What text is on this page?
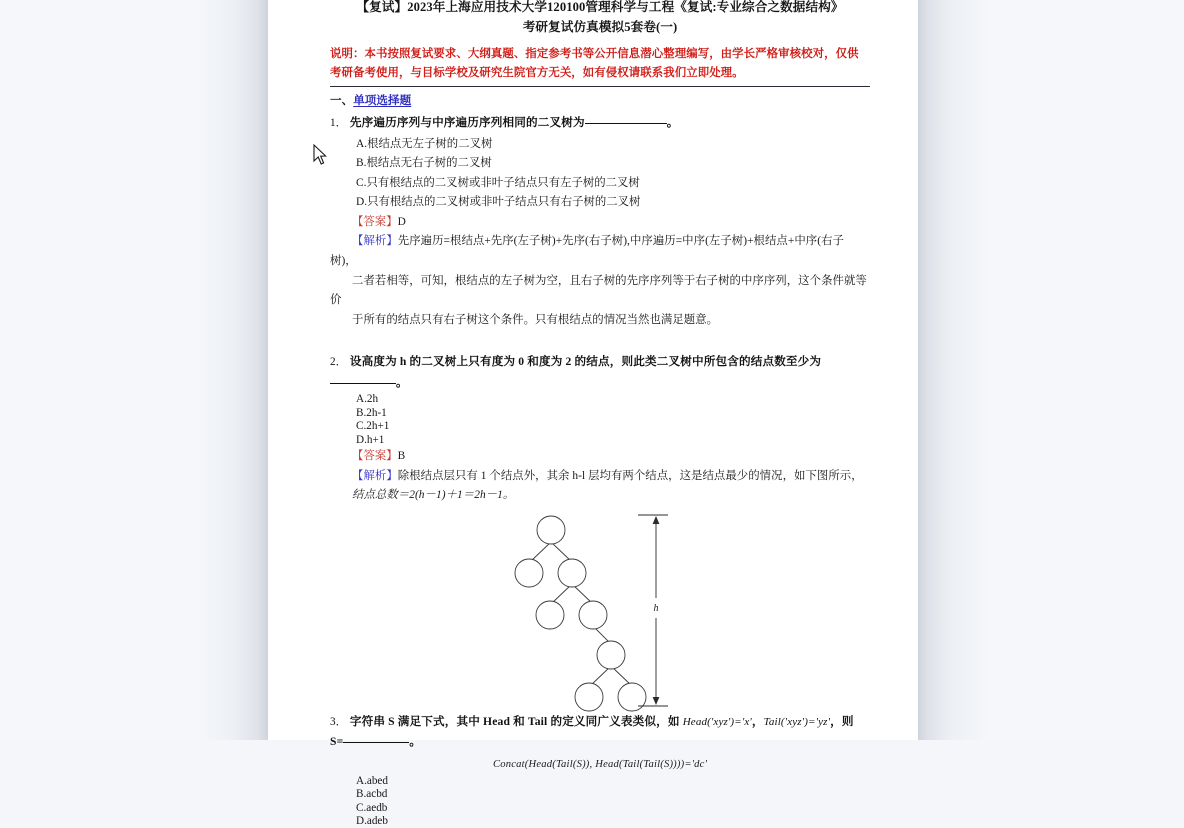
【复试】2023年上海应用技术大学120100管理科学与工程《复试:专业综合之数据结构》
考研复试仿真模拟5套卷(一)
说明：本书按照复试要求、大纲真题、指定参考书等公开信息潜心整理编写，由学长严格审核校对，仅供考研备考使用，与目标学校及研究生院官方无关，如有侵权请联系我们立即处理。
一、单项选择题
1． 先序遍历序列与中序遍历序列相同的二叉树为	。
A.根结点无左子树的二叉树
B.根结点无右子树的二叉树
C.只有根结点的二叉树或非叶子结点只有左子树的二叉树
D.只有根结点的二叉树或非叶子结点只有右子树的二叉树
【答案】D
【解析】先序遍历=根结点+先序(左子树)+先序(右子树),中序遍历=中序(左子树)+根结点+中序(右子树)，
二者若相等，可知，根结点的左子树为空，且右子树的先序序列等于右子树的中序序列，这个条件就等价
于所有的结点只有右子树这个条件。只有根结点的情况当然也满足题意。
2． 设高度为 h 的二叉树上只有度为 0 和度为 2 的结点，则此类二叉树中所包含的结点数至少为
。
A.2h
B.2h-1
C.2h+1
D.h+1
【答案】B
【解析】除根结点层只有 1 个结点外，其余 h-l 层均有两个结点，这是结点最少的情况，如下图所示，
结点总数＝2(h－1)＋1＝2h－1。
h
3． 字符串 S 满足下式，其中 Head 和 Tail 的定义同广义表类似，如 Head('xyz')='x'，Tail('xyz')='yz'，则
S=	。
Concat(Head(Tail(S)), Head(Tail(Tail(S))))='dc'
A.abed
B.acbd
C.aedb
D.adeb
